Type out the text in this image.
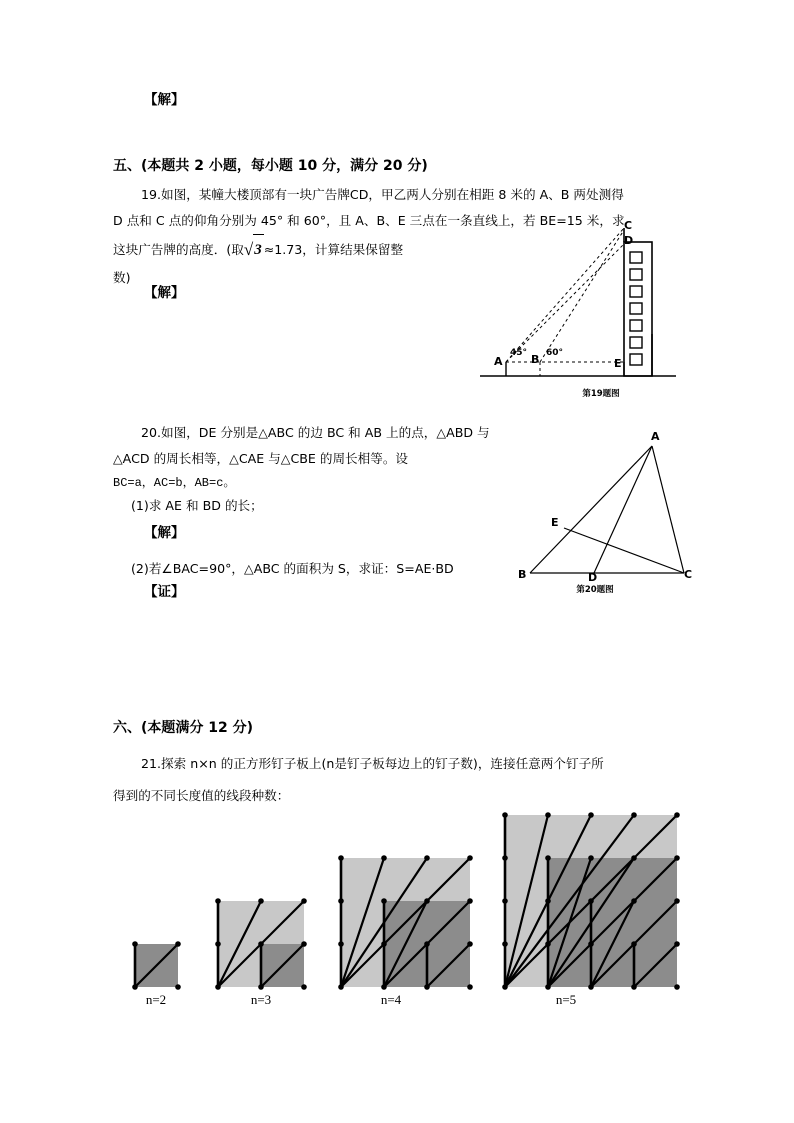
【解】
五、(本题共 2 小题，每小题 10 分，满分 20 分)
19.如图，某幢大楼顶部有一块广告牌CD，甲乙两人分别在相距 8 米的 A、B 两处测得
D 点和 C 点的仰角分别为 45° 和 60°，且 A、B、E 三点在一条直线上，若 BE=15 米，求
这块广告牌的高度．(取√3 ≈1.73，计算结果保留整
数)
【解】
C
D
A	B	E
45° 60°
第19题图
20.如图，DE 分别是△ABC 的边 BC 和 AB 上的点，△ABD 与
△ACD 的周长相等，△CAE 与△CBE 的周长相等。设
BC=a，AC=b，AB=c。
(1)求 AE 和 BD 的长；
【解】
(2)若∠BAC=90°，△ABC 的面积为 S，求证：S=AE·BD
【证】
A
B	C
D
E
第20题图
六、(本题满分 12 分)
21.探索 n×n 的正方形钉子板上(n是钉子板每边上的钉子数)，连接任意两个钉子所
得到的不同长度值的线段种数：
n=2	n=3	n=4	n=5
